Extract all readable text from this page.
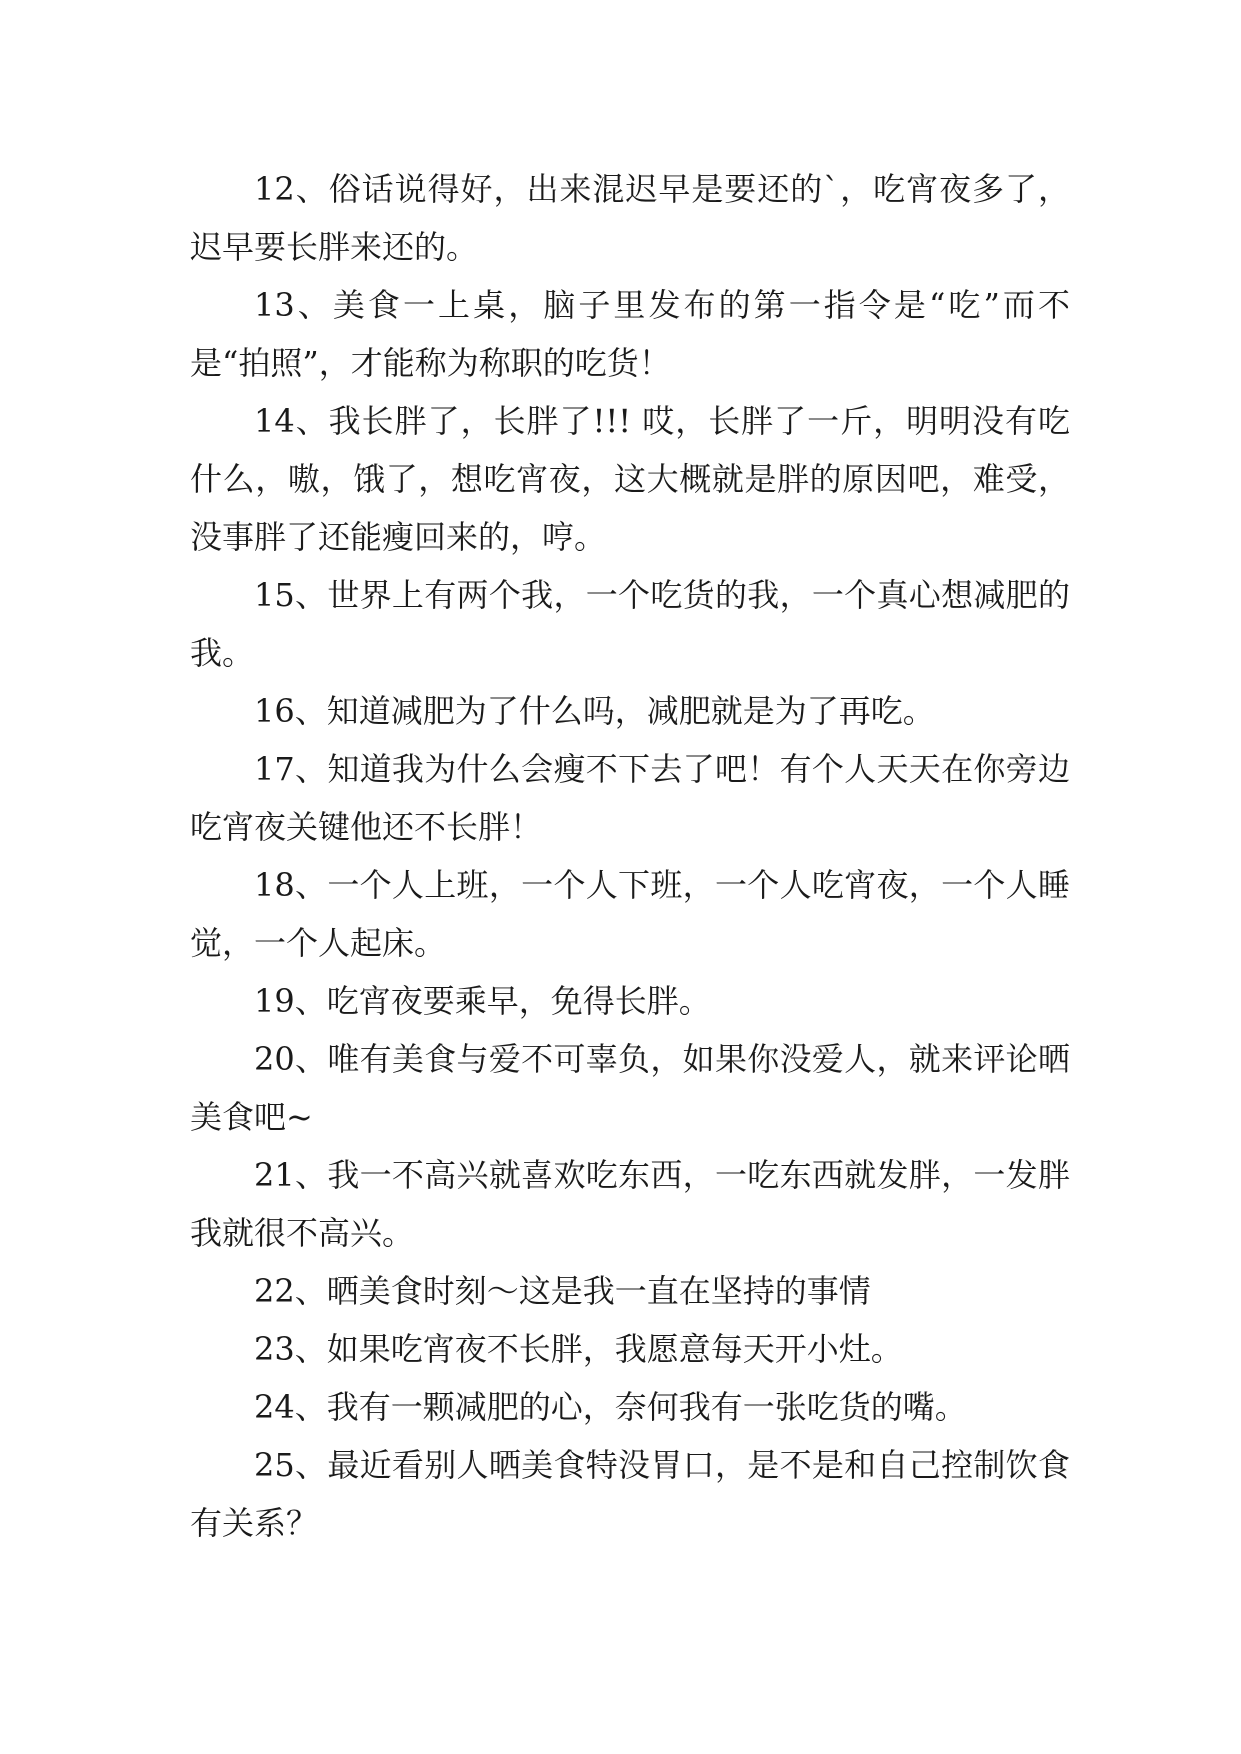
12、俗话说得好，出来混迟早是要还的`，吃宵夜多了，迟早要长胖来还的。

13、美食一上桌，脑子里发布的第一指令是“吃”而不是“拍照”，才能称为称职的吃货！

14、我长胖了，长胖了!!! 哎，长胖了一斤，明明没有吃什么，嗷，饿了，想吃宵夜，这大概就是胖的原因吧，难受，没事胖了还能瘦回来的，哼。

15、世界上有两个我，一个吃货的我，一个真心想减肥的我。

16、知道减肥为了什么吗，减肥就是为了再吃。

17、知道我为什么会瘦不下去了吧！有个人天天在你旁边吃宵夜关键他还不长胖！

18、一个人上班，一个人下班，一个人吃宵夜，一个人睡觉，一个人起床。

19、吃宵夜要乘早，免得长胖。

20、唯有美食与爱不可辜负，如果你没爱人，就来评论晒美食吧~

21、我一不高兴就喜欢吃东西，一吃东西就发胖，一发胖我就很不高兴。

22、晒美食时刻～这是我一直在坚持的事情

23、如果吃宵夜不长胖，我愿意每天开小灶。

24、我有一颗减肥的心，奈何我有一张吃货的嘴。

25、最近看别人晒美食特没胃口，是不是和自己控制饮食有关系？
